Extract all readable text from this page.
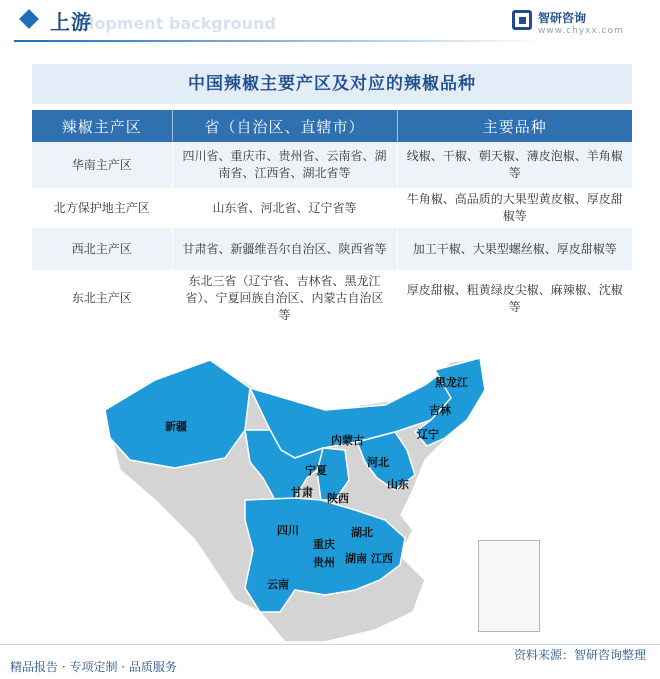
elopment background
上游	智研咨询
www.chyxx.com
中国辣椒主要产区及对应的辣椒品种
辣椒主产区	省（自治区、直辖市）	主要品种
华南主产区	四川省、重庆市、贵州省、云南省、湖南省、江西省、湖北省等	线椒、干椒、朝天椒、薄皮泡椒、羊角椒等
北方保护地主产区	山东省、河北省、辽宁省等	牛角椒、高品质的大果型黄皮椒、厚皮甜椒等
西北主产区	甘肃省、新疆维吾尔自治区、陕西省等	加工干椒、大果型螺丝椒、厚皮甜椒等
东北主产区	东北三省（辽宁省、吉林省、黑龙江省）、宁夏回族自治区、内蒙古自治区等	厚皮甜椒、粗黄绿皮尖椒、麻辣椒、沈椒等
黑龙江
吉林
辽宁
内蒙古
新疆
河北
宁夏
甘肃 陕西
山东
四川
重庆
湖北
贵州 湖南 江西
云南
精品报告 · 专项定制 · 品质服务
资料来源：智研咨询整理
